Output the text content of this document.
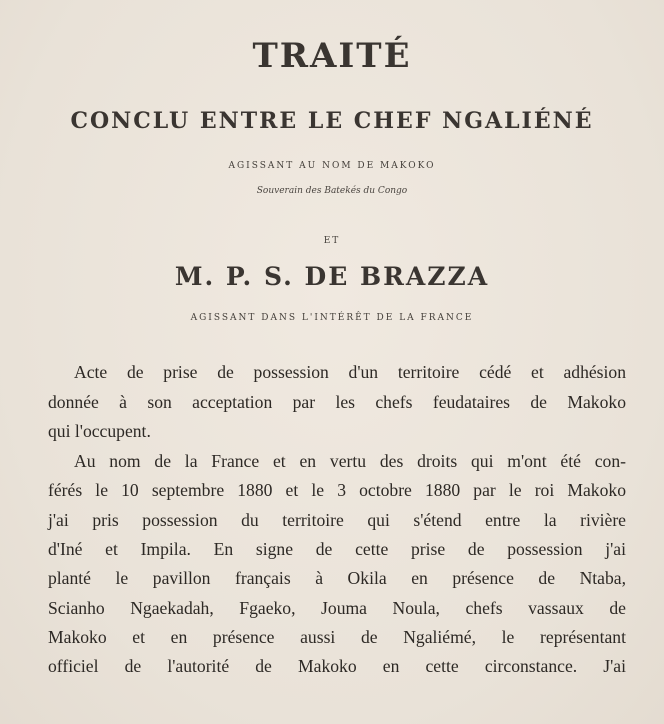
TRAITÉ
CONCLU ENTRE LE CHEF NGALIÉNÉ
AGISSANT AU NOM DE MAKOKO
Souverain des Batekés du Congo
ET
M. P. S. DE BRAZZA
AGISSANT DANS L'INTÉRÊT DE LA FRANCE
Acte de prise de possession d'un territoire cédé et adhésion
donnée à son acceptation par les chefs feudataires de Makoko
qui l'occupent.
Au nom de la France et en vertu des droits qui m'ont été con-
férés le 10 septembre 1880 et le 3 octobre 1880 par le roi Makoko
j'ai pris possession du territoire qui s'étend entre la rivière
d'Iné et Impila. En signe de cette prise de possession j'ai
planté le pavillon français à Okila en présence de Ntaba,
Scianho Ngaekadah, Fgaeko, Jouma Noula, chefs vassaux de
Makoko et en présence aussi de Ngaliémé, le représentant
officiel de l'autorité de Makoko en cette circonstance. J'ai
